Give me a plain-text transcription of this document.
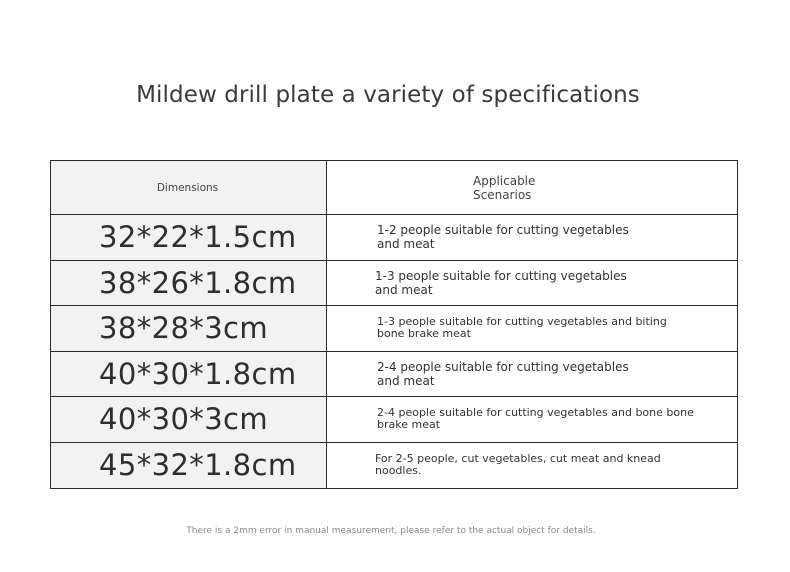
Mildew drill plate a variety of specifications
Dimensions	Applicable
Scenarios
32*22*1.5cm	1-2 people suitable for cutting vegetables
and meat
38*26*1.8cm	1-3 people suitable for cutting vegetables
and meat
38*28*3cm	1-3 people suitable for cutting vegetables and biting
bone brake meat
40*30*1.8cm	2-4 people suitable for cutting vegetables
and meat
40*30*3cm	2-4 people suitable for cutting vegetables and bone bone
brake meat
45*32*1.8cm	For 2-5 people, cut vegetables, cut meat and knead
noodles.
There is a 2mm error in manual measurement, please refer to the actual object for details.
